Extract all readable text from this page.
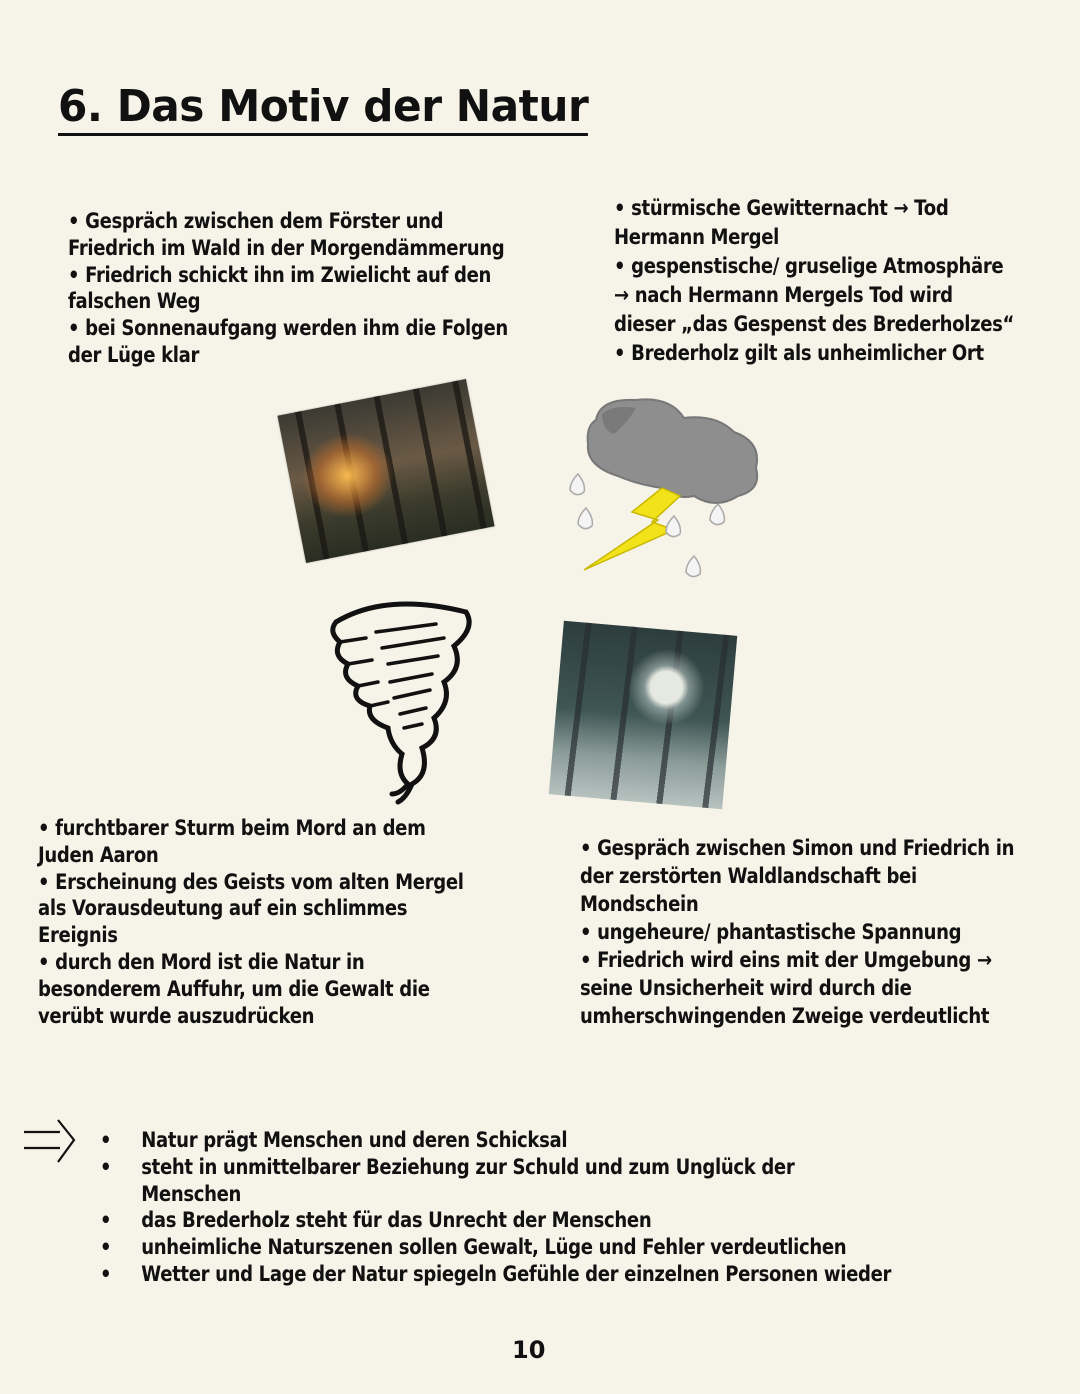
6. Das Motiv der Natur
• Gespräch zwischen dem Förster und
Friedrich im Wald in der Morgendämmerung
• Friedrich schickt ihn im Zwielicht auf den
falschen Weg
• bei Sonnenaufgang werden ihm die Folgen
der Lüge klar
• stürmische Gewitternacht → Tod
Hermann Mergel
• gespenstische/ gruselige Atmosphäre
→ nach Hermann Mergels Tod wird
dieser „das Gespenst des Brederholzes“
• Brederholz gilt als unheimlicher Ort
• furchtbarer Sturm beim Mord an dem
Juden Aaron
• Erscheinung des Geists vom alten Mergel
als Vorausdeutung auf ein schlimmes
Ereignis
• durch den Mord ist die Natur in
besonderem Auffuhr, um die Gewalt die
verübt wurde auszudrücken
• Gespräch zwischen Simon und Friedrich in
der zerstörten Waldlandschaft bei
Mondschein
• ungeheure/ phantastische Spannung
• Friedrich wird eins mit der Umgebung →
seine Unsicherheit wird durch die
umherschwingenden Zweige verdeutlicht
•	Natur prägt Menschen und deren Schicksal
•	steht in unmittelbarer Beziehung zur Schuld und zum Unglück der
Menschen
•	das Brederholz steht für das Unrecht der Menschen
•	unheimliche Naturszenen sollen Gewalt, Lüge und Fehler verdeutlichen
•	Wetter und Lage der Natur spiegeln Gefühle der einzelnen Personen wieder
10
